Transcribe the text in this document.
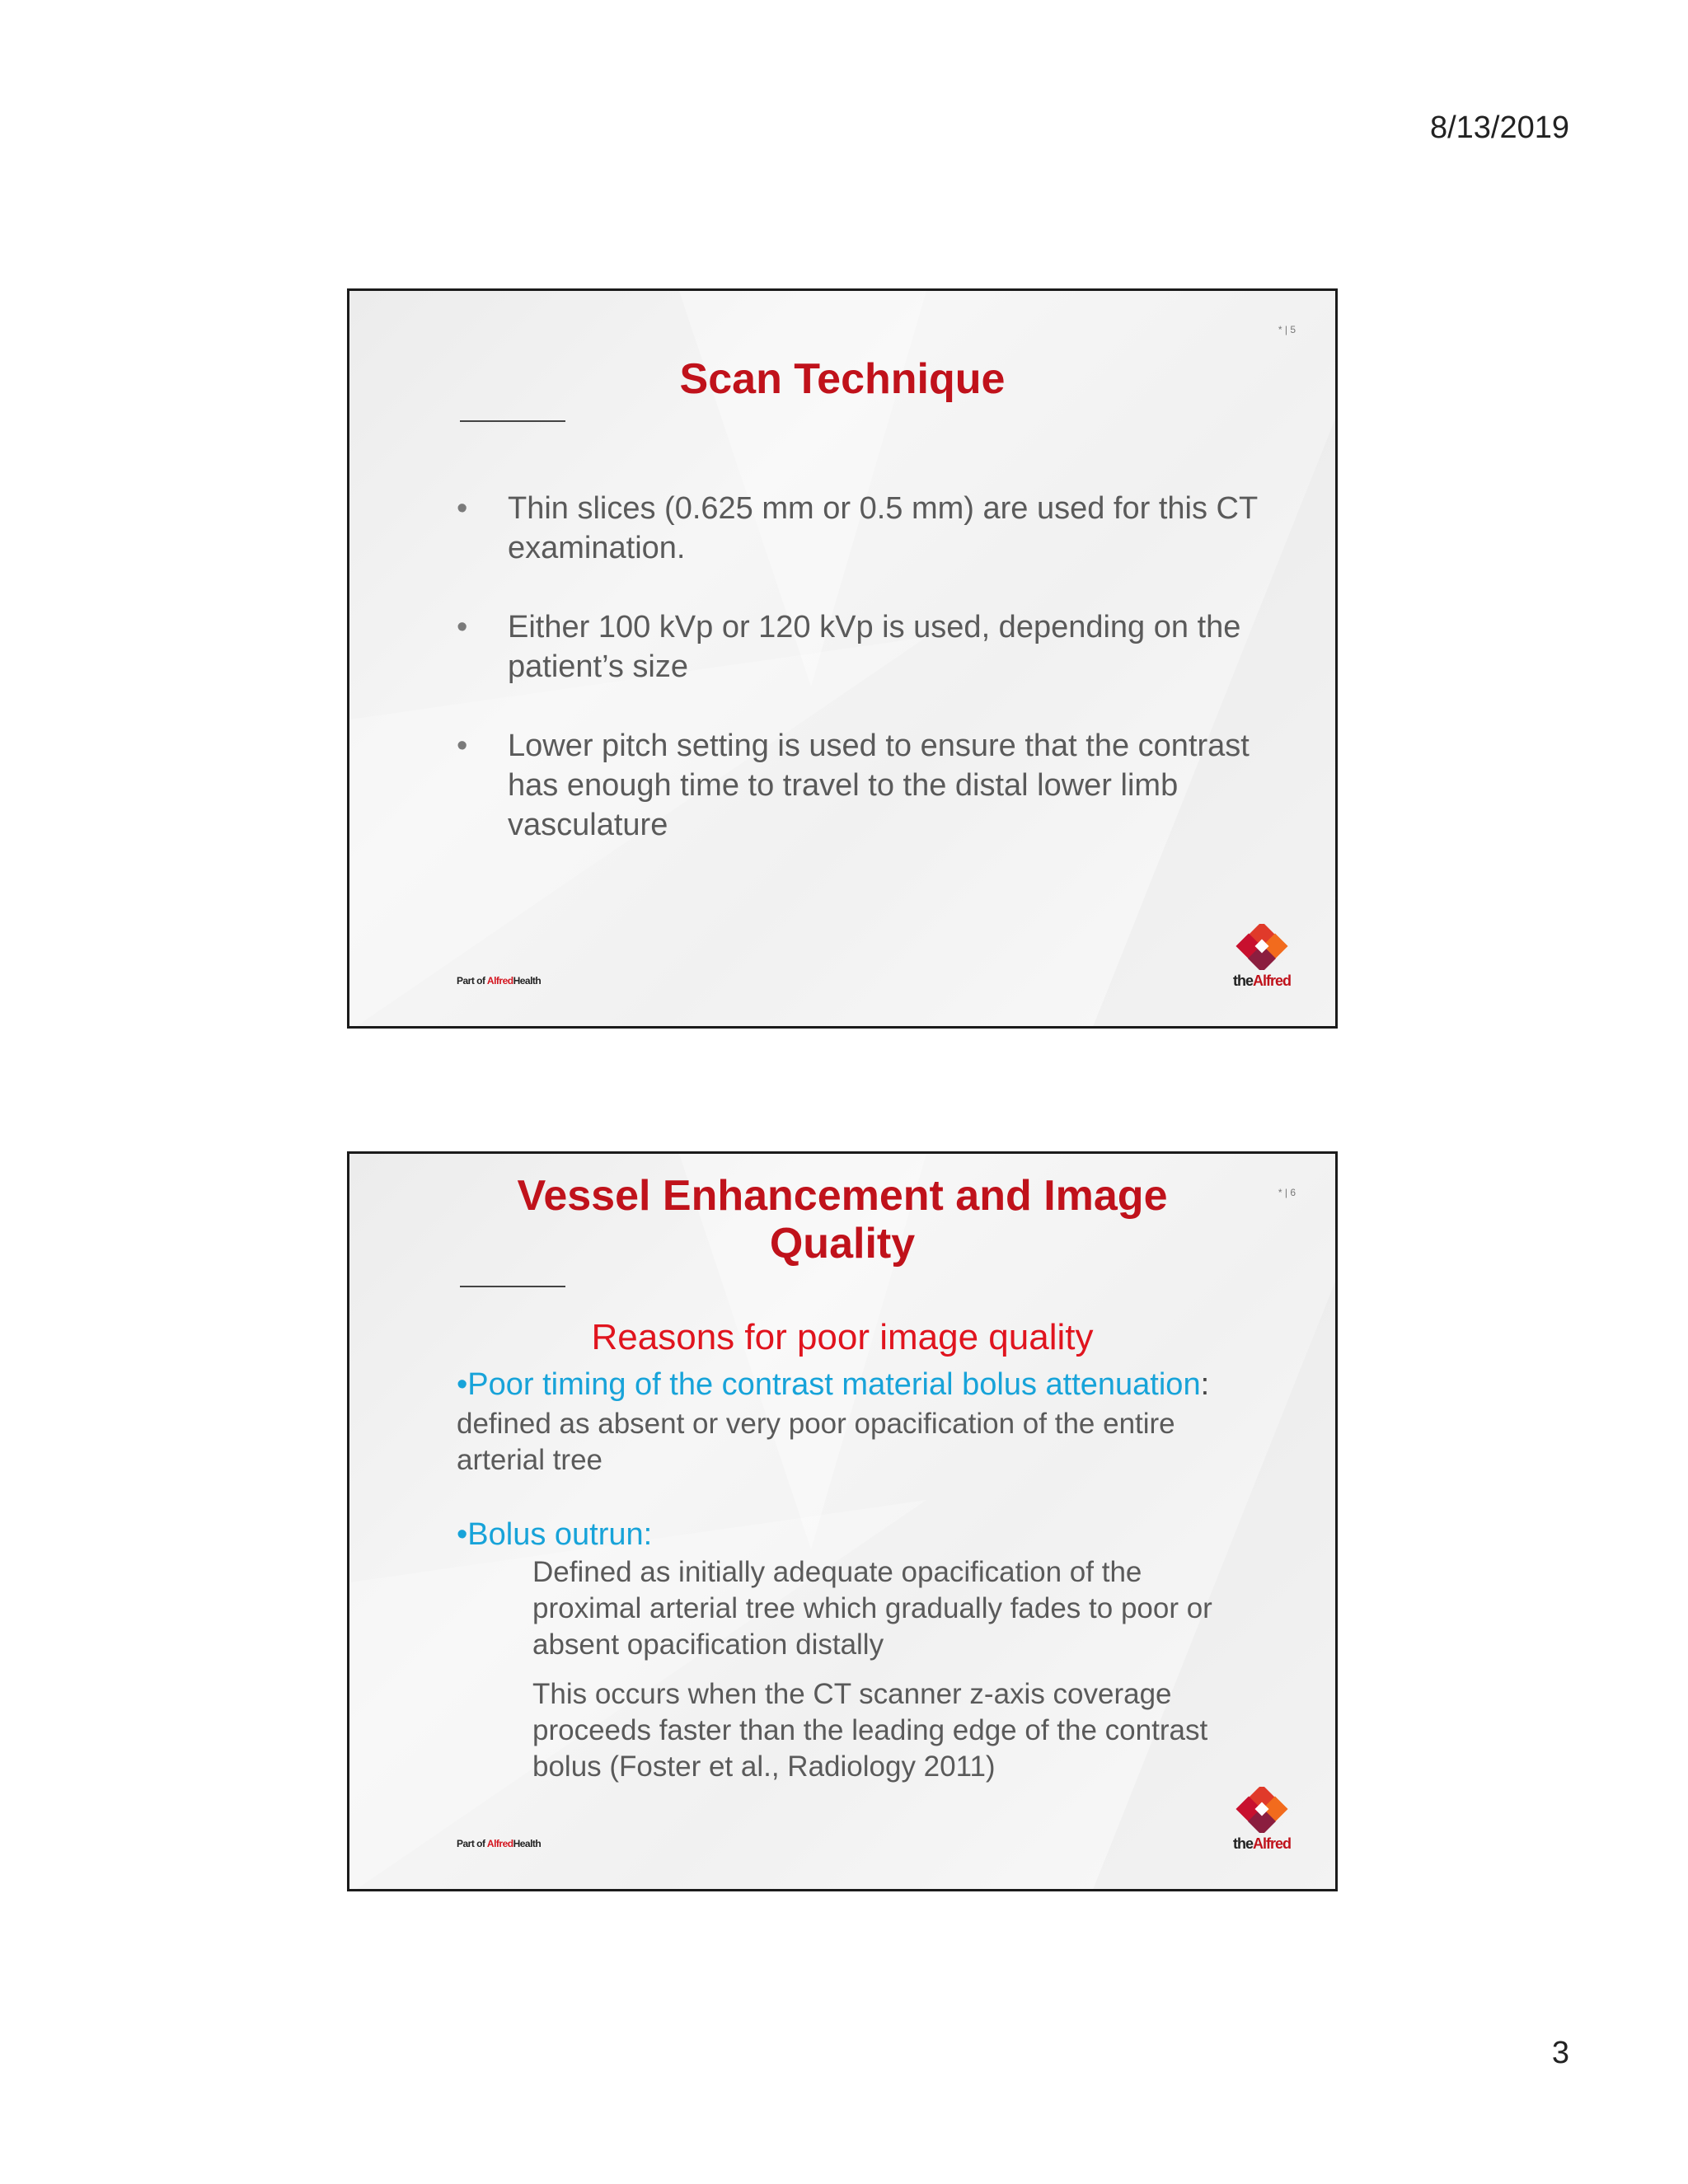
8/13/2019
* | 5
Scan Technique
• Thin slices (0.625 mm or 0.5 mm) are used for this CT examination.
• Either 100 kVp or 120 kVp is used, depending on the patient’s size
• Lower pitch setting is used to ensure that the contrast has enough time to travel to the distal lower limb vasculature
Part of AlfredHealth	theAlfred
* | 6
Vessel Enhancement and Image
Quality
Reasons for poor image quality
•Poor timing of the contrast material bolus attenuation:
defined as absent or very poor opacification of the entire
arterial tree
•Bolus outrun:
Defined as initially adequate opacification of the
proximal arterial tree which gradually fades to poor or
absent opacification distally
This occurs when the CT scanner z-axis coverage
proceeds faster than the leading edge of the contrast
bolus (Foster et al., Radiology 2011)
Part of AlfredHealth	theAlfred
3
